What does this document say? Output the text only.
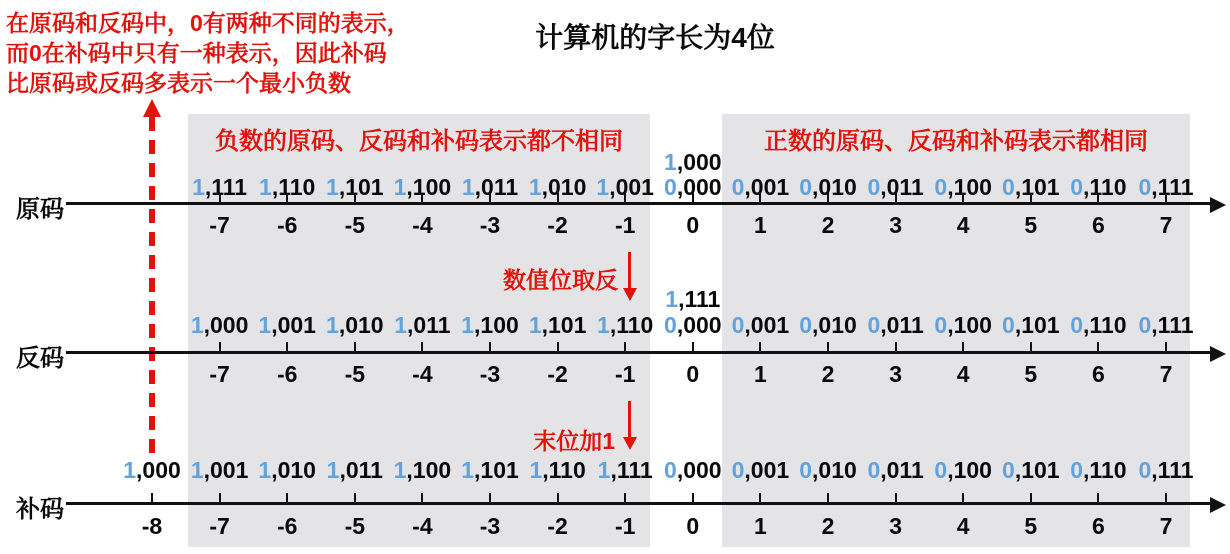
在原码和反码中，0有两种不同的表示，
而0在补码中只有一种表示，因此补码
比原码或反码多表示一个最小负数
计算机的字长为4位
负数的原码、反码和补码表示都不相同	正数的原码、反码和补码表示都相同
原码
反码
补码
数值位取反
末位加1
1,111
-7
1,110
-6
1,101
-5
1,100
-4
1,011
-3
1,010
-2
1,001
-1
0,000
0
0,001
1
0,010
2
0,011
3
0,100
4
0,101
5
0,110
6
0,111
7
1,000
1,000
-7
1,001
-6
1,010
-5
1,011
-4
1,100
-3
1,101
-2
1,110
-1
0,000
0
0,001
1
0,010
2
0,011
3
0,100
4
0,101
5
0,110
6
0,111
7
1,111
1,000
-8
1,001
-7
1,010
-6
1,011
-5
1,100
-4
1,101
-3
1,110
-2
1,111
-1
0,000
0
0,001
1
0,010
2
0,011
3
0,100
4
0,101
5
0,110
6
0,111
7
